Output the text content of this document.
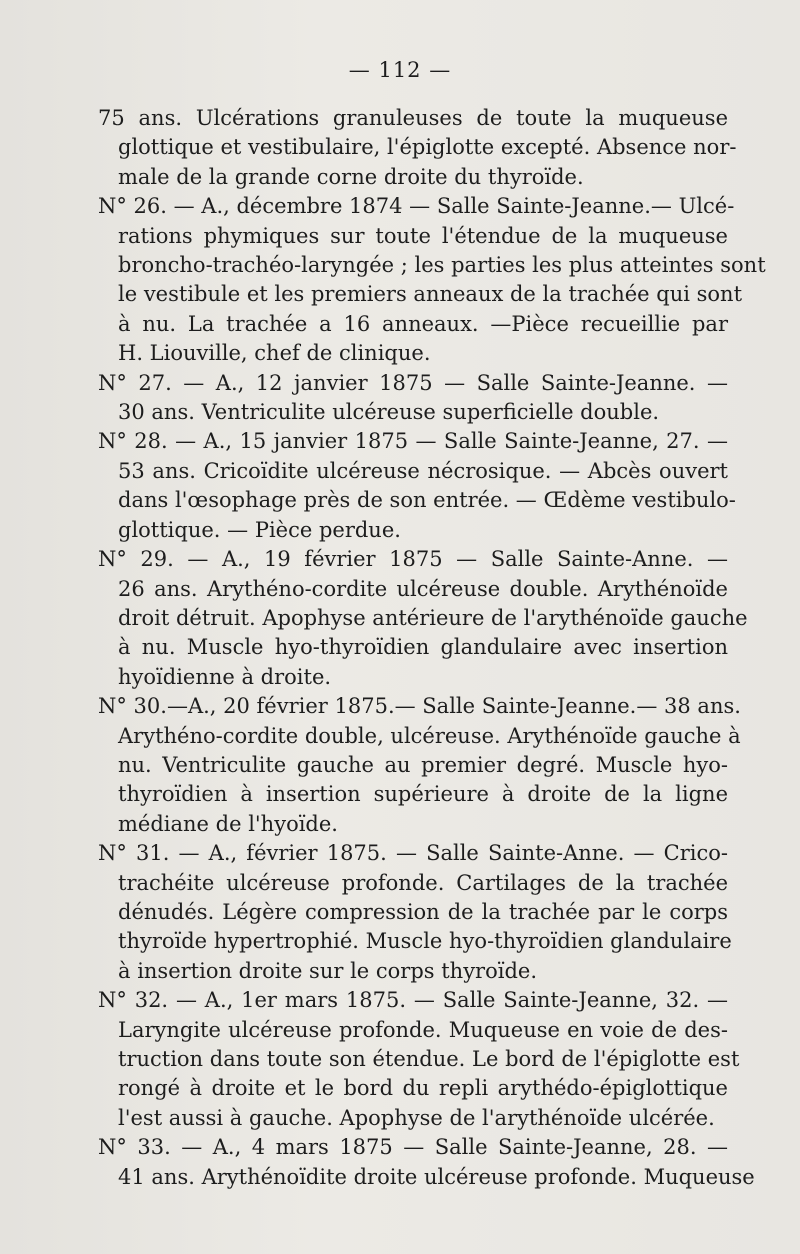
— 112 —
75 ans. Ulcérations granuleuses de toute la muqueuse
glottique et vestibulaire, l'épiglotte excepté. Absence nor-
male de la grande corne droite du thyroïde.
N° 26. — A., décembre 1874 — Salle Sainte-Jeanne.— Ulcé-
rations phymiques sur toute l'étendue de la muqueuse
broncho-trachéo-laryngée ; les parties les plus atteintes sont
le vestibule et les premiers anneaux de la trachée qui sont
à nu. La trachée a 16 anneaux. —Pièce recueillie par
H. Liouville, chef de clinique.
N° 27. — A., 12 janvier 1875 — Salle Sainte-Jeanne. —
30 ans. Ventriculite ulcéreuse superficielle double.
N° 28. — A., 15 janvier 1875 — Salle Sainte-Jeanne, 27. —
53 ans. Cricoïdite ulcéreuse nécrosique. — Abcès ouvert
dans l'œsophage près de son entrée. — Œdème vestibulo-
glottique. — Pièce perdue.
N° 29. — A., 19 février 1875 — Salle Sainte-Anne. —
26 ans. Arythéno-cordite ulcéreuse double. Arythénoïde
droit détruit. Apophyse antérieure de l'arythénoïde gauche
à nu. Muscle hyo-thyroïdien glandulaire avec insertion
hyoïdienne à droite.
N° 30.—A., 20 février 1875.— Salle Sainte-Jeanne.— 38 ans.
Arythéno-cordite double, ulcéreuse. Arythénoïde gauche à
nu. Ventriculite gauche au premier degré. Muscle hyo-
thyroïdien à insertion supérieure à droite de la ligne
médiane de l'hyoïde.
N° 31. — A., février 1875. — Salle Sainte-Anne. — Crico-
trachéite ulcéreuse profonde. Cartilages de la trachée
dénudés. Légère compression de la trachée par le corps
thyroïde hypertrophié. Muscle hyo-thyroïdien glandulaire
à insertion droite sur le corps thyroïde.
N° 32. — A., 1er mars 1875. — Salle Sainte-Jeanne, 32. —
Laryngite ulcéreuse profonde. Muqueuse en voie de des-
truction dans toute son étendue. Le bord de l'épiglotte est
rongé à droite et le bord du repli arythédo-épiglottique
l'est aussi à gauche. Apophyse de l'arythénoïde ulcérée.
N° 33. — A., 4 mars 1875 — Salle Sainte-Jeanne, 28. —
41 ans. Arythénoïdite droite ulcéreuse profonde. Muqueuse
